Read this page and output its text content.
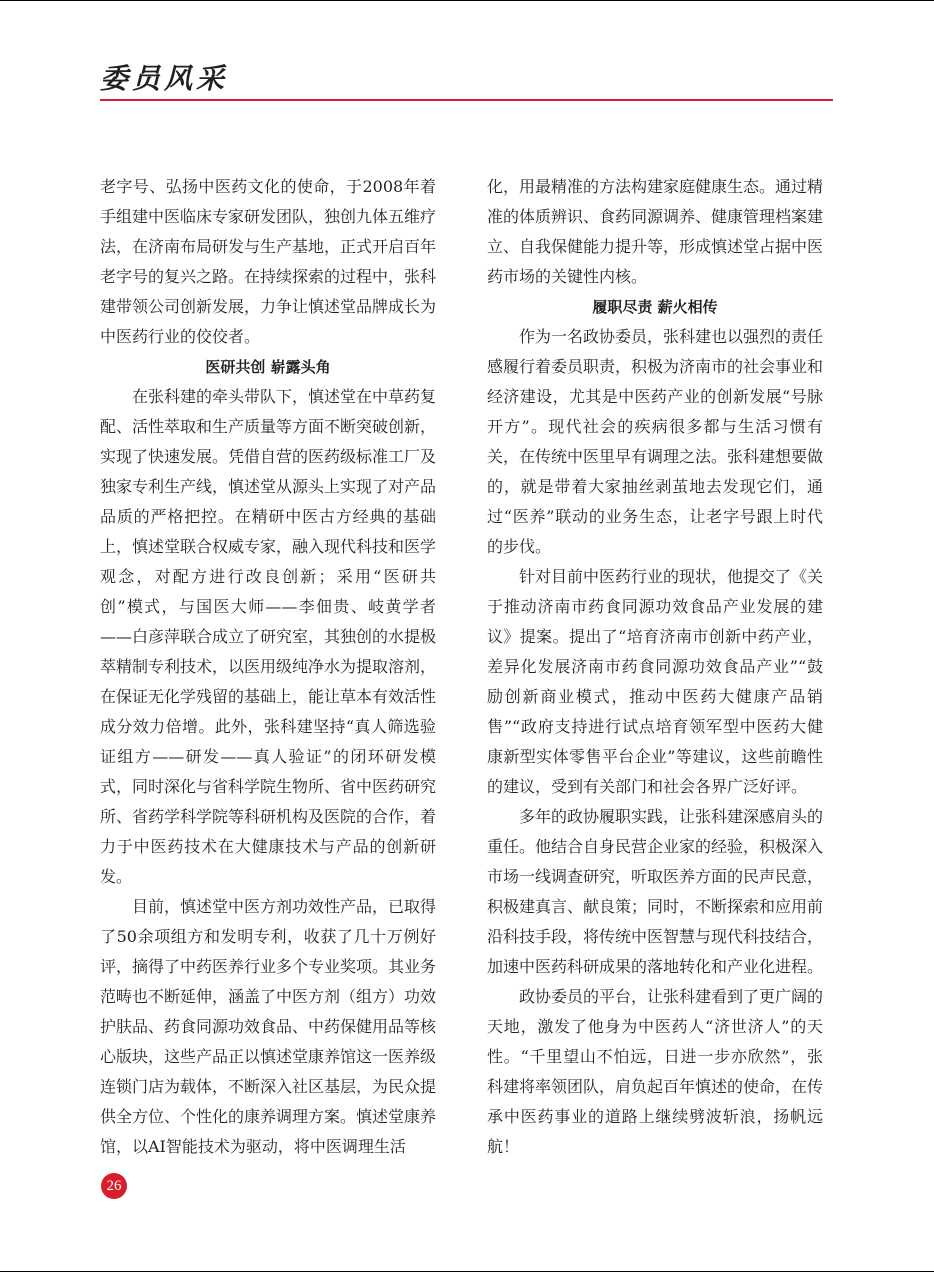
委员风采

老字号、弘扬中医药文化的使命，于2008年着手组建中医临床专家研发团队，独创九体五维疗法，在济南布局研发与生产基地，正式开启百年老字号的复兴之路。在持续探索的过程中，张科建带领公司创新发展，力争让慎述堂品牌成长为中医药行业的佼佼者。

医研共创 崭露头角

在张科建的牵头带队下，慎述堂在中草药复配、活性萃取和生产质量等方面不断突破创新，实现了快速发展。凭借自营的医药级标准工厂及独家专利生产线，慎述堂从源头上实现了对产品品质的严格把控。在精研中医古方经典的基础上，慎述堂联合权威专家，融入现代科技和医学观念，对配方进行改良创新；采用“医研共创”模式，与国医大师——李佃贵、岐黄学者——白彦萍联合成立了研究室，其独创的水提极萃精制专利技术，以医用级纯净水为提取溶剂，在保证无化学残留的基础上，能让草本有效活性成分效力倍增。此外，张科建坚持“真人筛选验证组方——研发——真人验证”的闭环研发模式，同时深化与省科学院生物所、省中医药研究所、省药学科学院等科研机构及医院的合作，着力于中医药技术在大健康技术与产品的创新研发。

目前，慎述堂中医方剂功效性产品，已取得了50余项组方和发明专利，收获了几十万例好评，摘得了中药医养行业多个专业奖项。其业务范畴也不断延伸，涵盖了中医方剂（组方）功效护肤品、药食同源功效食品、中药保健用品等核心版块，这些产品正以慎述堂康养馆这一医养级连锁门店为载体，不断深入社区基层，为民众提供全方位、个性化的康养调理方案。慎述堂康养馆，以AI智能技术为驱动，将中医调理生活

化，用最精准的方法构建家庭健康生态。通过精准的体质辨识、食药同源调养、健康管理档案建立、自我保健能力提升等，形成慎述堂占据中医药市场的关键性内核。

履职尽责 薪火相传

作为一名政协委员，张科建也以强烈的责任感履行着委员职责，积极为济南市的社会事业和经济建设，尤其是中医药产业的创新发展“号脉开方”。现代社会的疾病很多都与生活习惯有关，在传统中医里早有调理之法。张科建想要做的，就是带着大家抽丝剥茧地去发现它们，通过“医养”联动的业务生态，让老字号跟上时代的步伐。

针对目前中医药行业的现状，他提交了《关于推动济南市药食同源功效食品产业发展的建议》提案。提出了“培育济南市创新中药产业，差异化发展济南市药食同源功效食品产业”“鼓励创新商业模式，推动中医药大健康产品销售”“政府支持进行试点培育领军型中医药大健康新型实体零售平台企业”等建议，这些前瞻性的建议，受到有关部门和社会各界广泛好评。

多年的政协履职实践，让张科建深感肩头的重任。他结合自身民营企业家的经验，积极深入市场一线调查研究，听取医养方面的民声民意，积极建真言、献良策；同时，不断探索和应用前沿科技手段，将传统中医智慧与现代科技结合，加速中医药科研成果的落地转化和产业化进程。

政协委员的平台，让张科建看到了更广阔的天地，激发了他身为中医药人“济世济人”的天性。“千里望山不怕远，日进一步亦欣然”，张科建将率领团队，肩负起百年慎述的使命，在传承中医药事业的道路上继续劈波斩浪，扬帆远航！

26
